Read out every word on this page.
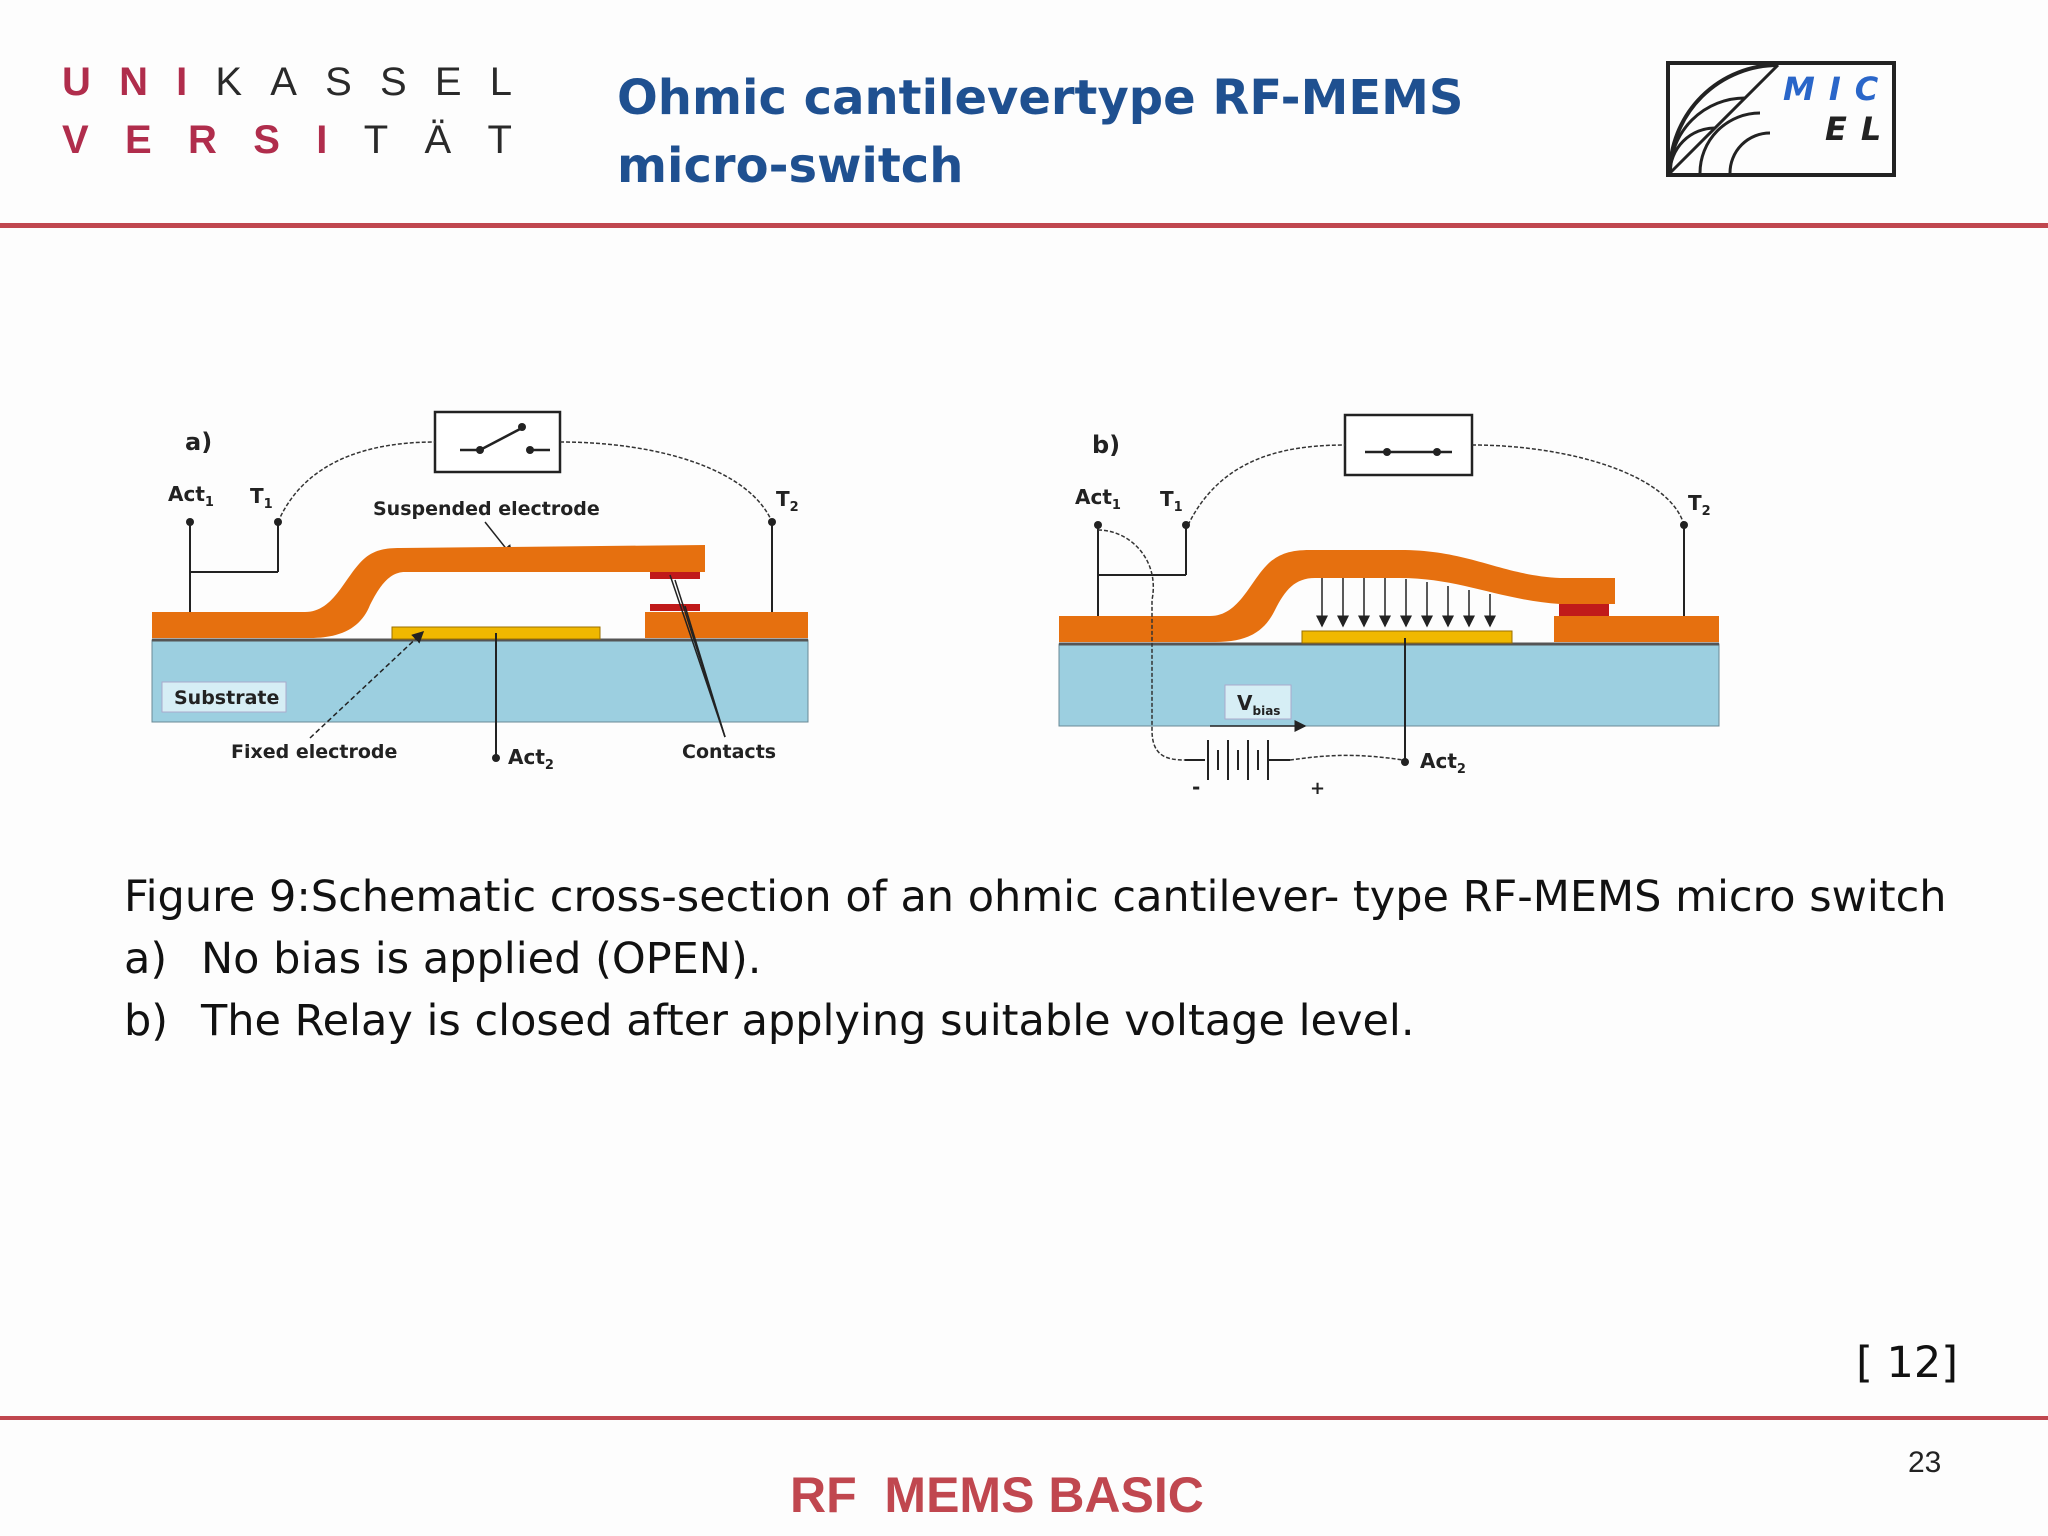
U N I K A S S E L
V E R S I T Ä T
Ohmic cantilevertype RF-MEMS micro-switch
MIC
EL
a)
Act$_1$ $T_1$	$T_2$
Suspended electrode
Substrate
Act$_2$
Fixed electrode	Contacts
b)
Act$_1$ $T_1$	$T_2$
-	+
$V_{bias}$
Act$_2$
Figure 9:Schematic cross-section of an ohmic cantilever- type RF-MEMS micro switch
a) No bias is applied (OPEN).
b) The Relay is closed after applying suitable voltage level.
[ 12]
23
RF  MEMS BASIC
